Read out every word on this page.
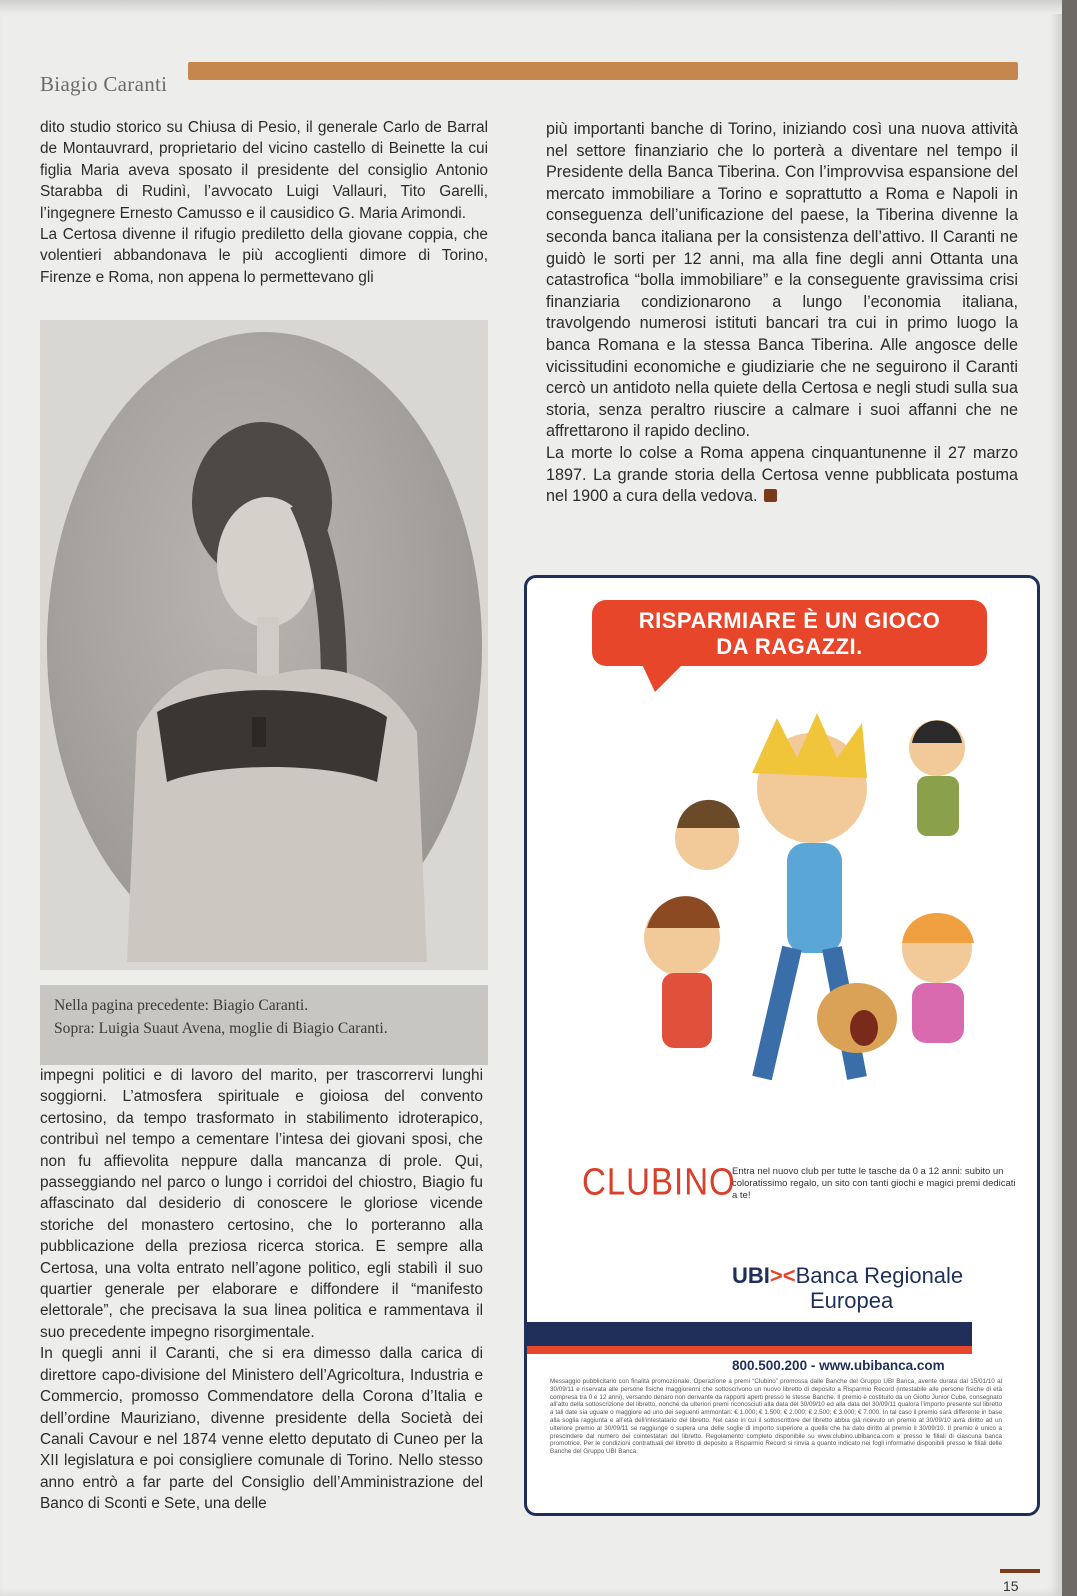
Biagio Caranti

dito studio storico su Chiusa di Pesio, il generale Carlo de Barral de Montauvrard, proprietario del vicino castello di Beinette la cui figlia Maria aveva sposato il presidente del consiglio Antonio Starabba di Rudinì, l’avvocato Luigi Vallauri, Tito Garelli, l’ingegnere Ernesto Camusso e il causidico G. Maria Arimondi.

La Certosa divenne il rifugio prediletto della giovane coppia, che volentieri abbandonava le più accoglienti dimore di Torino, Firenze e Roma, non appena lo permettevano gli

Nella pagina precedente: Biagio Caranti.
Sopra: Luigia Suaut Avena, moglie di Biagio Caranti.

impegni politici e di lavoro del marito, per trascorrervi lunghi soggiorni. L’atmosfera spirituale e gioiosa del convento certosino, da tempo trasformato in stabilimento idroterapico, contribuì nel tempo a cementare l’intesa dei giovani sposi, che non fu affievolita neppure dalla mancanza di prole. Qui, passeggiando nel parco o lungo i corridoi del chiostro, Biagio fu affascinato dal desiderio di conoscere le gloriose vicende storiche del monastero certosino, che lo porteranno alla pubblicazione della preziosa ricerca storica. E sempre alla Certosa, una volta entrato nell’agone politico, egli stabilì il suo quartier generale per elaborare e diffondere il “manifesto elettorale”, che precisava la sua linea politica e rammentava il suo precedente impegno risorgimentale.

In quegli anni il Caranti, che si era dimesso dalla carica di direttore capo-divisione del Ministero dell’Agricoltura, Industria e Commercio, promosso Commendatore della Corona d’Italia e dell’ordine Mauriziano, divenne presidente della Società dei Canali Cavour e nel 1874 venne eletto deputato di Cuneo per la XII legislatura e poi consigliere comunale di Torino. Nello stesso anno entrò a far parte del Consiglio dell’Amministrazione del Banco di Sconti e Sete, una delle

più importanti banche di Torino, iniziando così una nuova attività nel settore finanziario che lo porterà a diventare nel tempo il Presidente della Banca Tiberina. Con l’improvvisa espansione del mercato immobiliare a Torino e soprattutto a Roma e Napoli in conseguenza dell’unificazione del paese, la Tiberina divenne la seconda banca italiana per la consistenza dell’attivo. Il Caranti ne guidò le sorti per 12 anni, ma alla fine degli anni Ottanta una catastrofica “bolla immobiliare” e la conseguente gravissima crisi finanziaria condizionarono a lungo l’economia italiana, travolgendo numerosi istituti bancari tra cui in primo luogo la banca Romana e la stessa Banca Tiberina. Alle angosce delle vicissitudini economiche e giudiziarie che ne seguirono il Caranti cercò un antidoto nella quiete della Certosa e negli studi sulla sua storia, senza peraltro riuscire a calmare i suoi affanni che ne affrettarono il rapido declino.

La morte lo colse a Roma appena cinquantunenne il 27 marzo 1897. La grande storia della Certosa venne pubblicata postuma nel 1900 a cura della vedova.

RISPARMIARE È UN GIOCO
DA RAGAZZI.
CLUBINO
Entra nel nuovo club per tutte le tasche da 0 a 12 anni: subito un coloratissimo regalo, un sito con tanti giochi e magici premi dedicati a te!
UBI><Banca Regionale
Europea
800.500.200 - www.ubibanca.com
Messaggio pubblicitario con finalità promozionale. Operazione a premi “Clubino” promossa dalle Banche del Gruppo UBI Banca, avente durata dal 15/01/10 al 30/09/11 e riservata alle persone fisiche maggiorenni che sottoscrivono un nuovo libretto di deposito a Risparmio Record (intestabile alle persone fisiche di età compresa tra 0 e 12 anni), versando denaro non derivante da rapporti aperti presso le stesse Banche. Il premio è costituito da un Giotto Junior Cube, consegnato all’atto della sottoscrizione del libretto, nonché da ulteriori premi riconosciuti alla data del 30/09/10 ed alla data del 30/09/11 qualora l’importo presente sul libretto a tali date sia uguale o maggiore ad uno dei seguenti ammontari: € 1.000; € 1.500; € 2.000; € 2.500; € 3.000; € 7.000. In tal caso il premio sarà differente in base alla soglia raggiunta e all’età dell’intestatario del libretto. Nel caso in cui il sottoscrittore del libretto abbia già ricevuto un premio al 30/09/10 avrà diritto ad un ulteriore premio al 30/09/11 se raggiunge o supera una delle soglie di importo superiore a quella che ha dato diritto al premio il 30/09/10. Il premio è unico a prescindere dal numero dei cointestatari del libretto. Regolamento completo disponibile su www.clubino.ubibanca.com e presso le filiali di ciascuna banca promotrice. Per le condizioni contrattuali del libretto di deposito a Risparmio Record si rinvia a quanto indicato nei fogli informativi disponibili presso le filiali delle Banche del Gruppo UBI Banca.
15
